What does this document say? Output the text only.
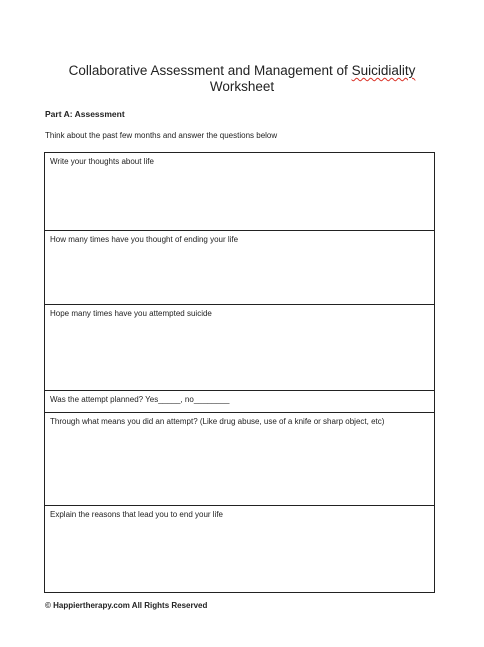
Collaborative Assessment and Management of Suicidiality
Worksheet
Part A: Assessment
Think about the past few months and answer the questions below
Write your thoughts about life
How many times have you thought of ending your life
Hope many times have you attempted suicide
Was the attempt planned? Yes_____, no________
Through what means you did an attempt? (Like drug abuse, use of a knife or sharp object, etc)
Explain the reasons that lead you to end your life
© Happiertherapy.com All Rights Reserved
